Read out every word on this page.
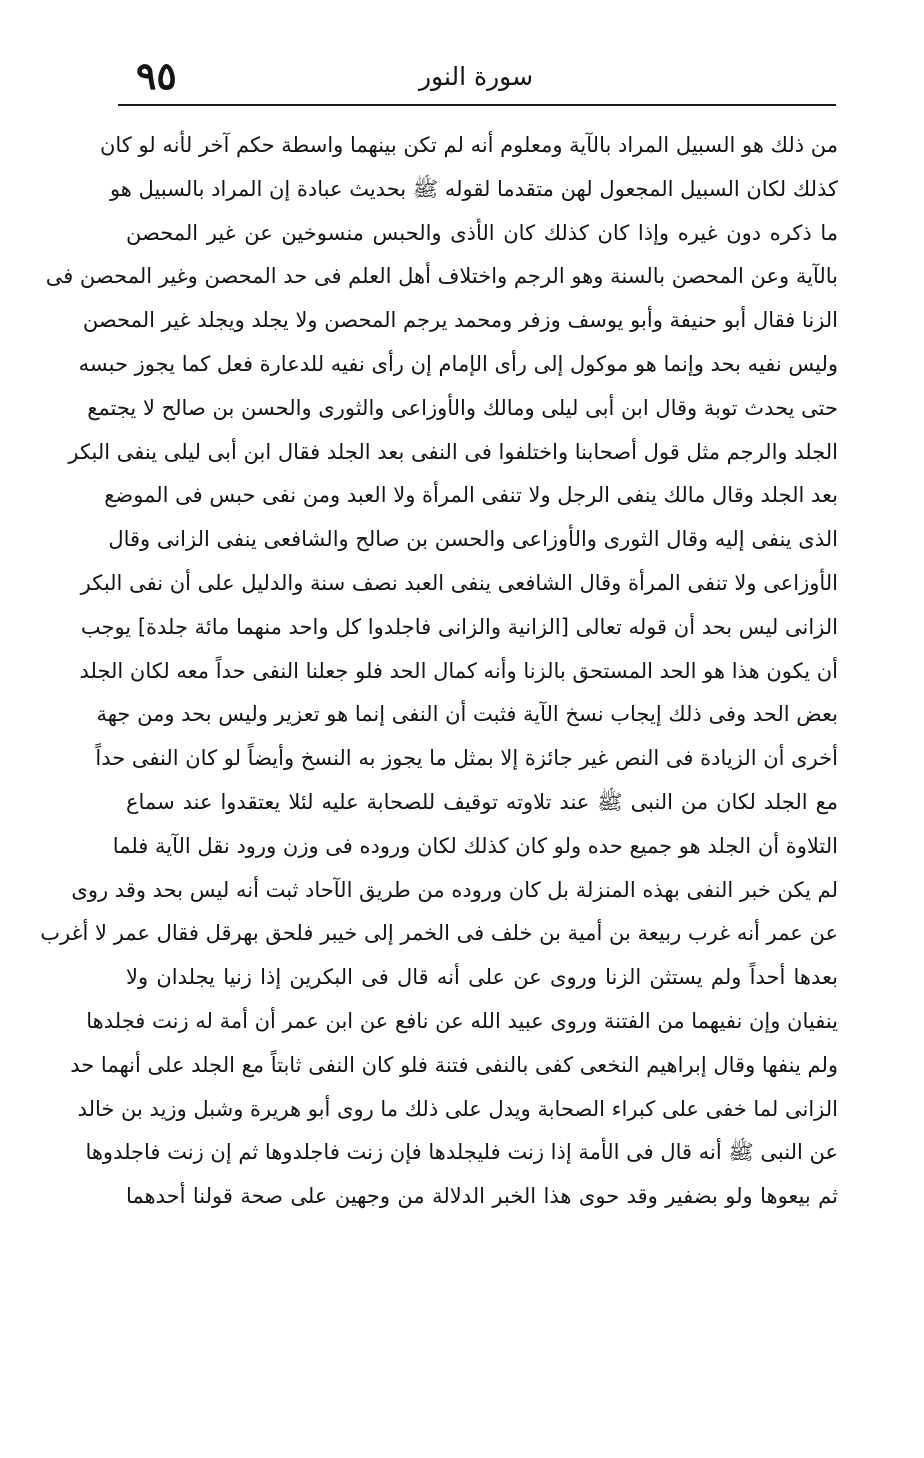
٩٥	سورة النور
من ذلك هو السبيل المراد بالآية ومعلوم أنه لم تكن بينهما واسطة حكم آخر لأنه لو كان
كذلك لكان السبيل المجعول لهن متقدما لقوله ﷺ بحديث عبادة إن المراد بالسبيل هو
ما ذكره دون غيره وإذا كان كذلك كان الأذى والحبس منسوخين عن غير المحصن
بالآية وعن المحصن بالسنة وهو الرجم واختلاف أهل العلم فى حد المحصن وغير المحصن فى
الزنا فقال أبو حنيفة وأبو يوسف وزفر ومحمد يرجم المحصن ولا يجلد ويجلد غير المحصن
وليس نفيه بحد وإنما هو موكول إلى رأى الإمام إن رأى نفيه للدعارة فعل كما يجوز حبسه
حتى يحدث توبة وقال ابن أبى ليلى ومالك والأوزاعى والثورى والحسن بن صالح لا يجتمع
الجلد والرجم مثل قول أصحابنا واختلفوا فى النفى بعد الجلد فقال ابن أبى ليلى ينفى البكر
بعد الجلد وقال مالك ينفى الرجل ولا تنفى المرأة ولا العبد ومن نفى حبس فى الموضع
الذى ينفى إليه وقال الثورى والأوزاعى والحسن بن صالح والشافعى ينفى الزانى وقال
الأوزاعى ولا تنفى المرأة وقال الشافعى ينفى العبد نصف سنة والدليل على أن نفى البكر
الزانى ليس بحد أن قوله تعالى [الزانية والزانى فاجلدوا كل واحد منهما مائة جلدة] يوجب
أن يكون هذا هو الحد المستحق بالزنا وأنه كمال الحد فلو جعلنا النفى حداً معه لكان الجلد
بعض الحد وفى ذلك إيجاب نسخ الآية فثبت أن النفى إنما هو تعزير وليس بحد ومن جهة
أخرى أن الزيادة فى النص غير جائزة إلا بمثل ما يجوز به النسخ وأيضاً لو كان النفى حداً
مع الجلد لكان من النبى ﷺ عند تلاوته توقيف للصحابة عليه لئلا يعتقدوا عند سماع
التلاوة أن الجلد هو جميع حده ولو كان كذلك لكان وروده فى وزن ورود نقل الآية فلما
لم يكن خبر النفى بهذه المنزلة بل كان وروده من طريق الآحاد ثبت أنه ليس بحد وقد روى
عن عمر أنه غرب ربيعة بن أمية بن خلف فى الخمر إلى خيبر فلحق بهرقل فقال عمر لا أغرب
بعدها أحداً ولم يستثن الزنا وروى عن على أنه قال فى البكرين إذا زنيا يجلدان ولا
ينفيان وإن نفيهما من الفتنة وروى عبيد الله عن نافع عن ابن عمر أن أمة له زنت فجلدها
ولم ينفها وقال إبراهيم النخعى كفى بالنفى فتنة فلو كان النفى ثابتاً مع الجلد على أنهما حد
الزانى لما خفى على كبراء الصحابة ويدل على ذلك ما روى أبو هريرة وشبل وزيد بن خالد
عن النبى ﷺ أنه قال فى الأمة إذا زنت فليجلدها فإن زنت فاجلدوها ثم إن زنت فاجلدوها
ثم بيعوها ولو بضفير وقد حوى هذا الخبر الدلالة من وجهين على صحة قولنا أحدهما
